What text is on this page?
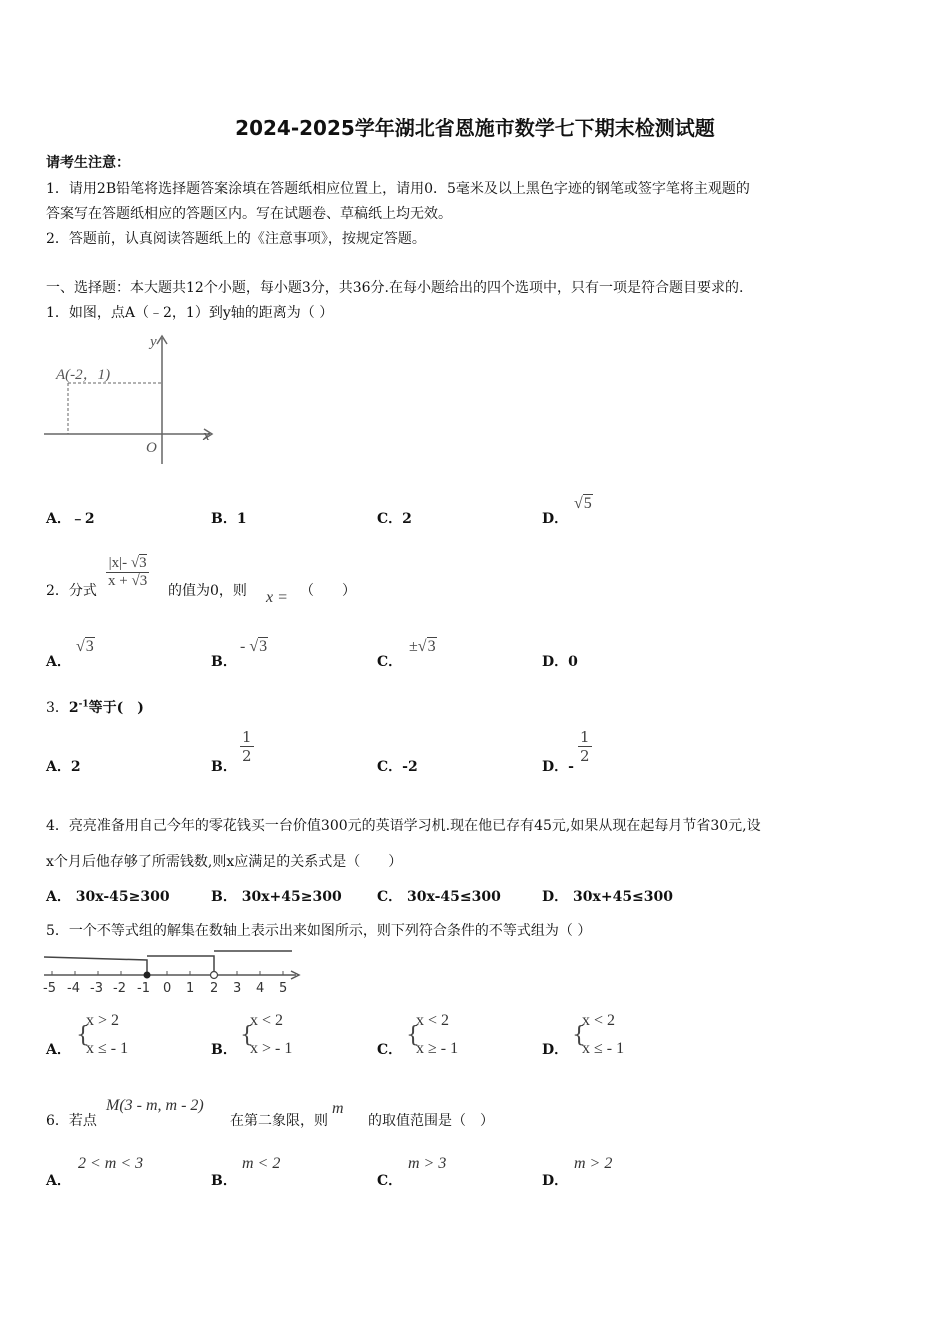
2024-2025学年湖北省恩施市数学七下期末检测试题
请考生注意：
1．请用2B铅笔将选择题答案涂填在答题纸相应位置上，请用0．5毫米及以上黑色字迹的钢笔或签字笔将主观题的
答案写在答题纸相应的答题区内。写在试题卷、草稿纸上均无效。
2．答题前，认真阅读答题纸上的《注意事项》，按规定答题。
一、选择题：本大题共12个小题，每小题3分，共36分.在每小题给出的四个选项中，只有一项是符合题目要求的.
1．如图，点A（﹣2，1）到y轴的距离为（ ）
y
x
O
A(-2，1)
A．﹣2	B．1	C．2	D．
√5
2．分式
$\frac{|x|- √3}{x + √3}$
的值为0，则 x = （　　）
A．
√3
B．
- √3
C．
±√3
D．0
3．$2^{-1}$等于(　)
A．2	B．
$\frac{1}{2}$
C．-2	D．-
$\frac{1}{2}$
4．亮亮准备用自己今年的零花钱买一台价值300元的英语学习机.现在他已存有45元,如果从现在起每月节省30元,设
x个月后他存够了所需钱数,则x应满足的关系式是（　　）
A． 30x-45≥300	B． 30x+45≥300	C． 30x-45≤300	D． 30x+45≤300
5．一个不等式组的解集在数轴上表示出来如图所示，则下列符合条件的不等式组为（ ）
-5 -4 -3 -2 -1 0 1 2 3 4 5
A．
{
x > 2
x ≤ - 1	B．
{
x < 2
x > - 1	C．
{
x < 2
x ≥ - 1	D．
{
x < 2
x ≤ - 1
6．若点
M(3 - m, m - 2)
在第二象限，则
m
的取值范围是（　）
A．
2 < m < 3
B．
m < 2
C．
m > 3
D．
m > 2
